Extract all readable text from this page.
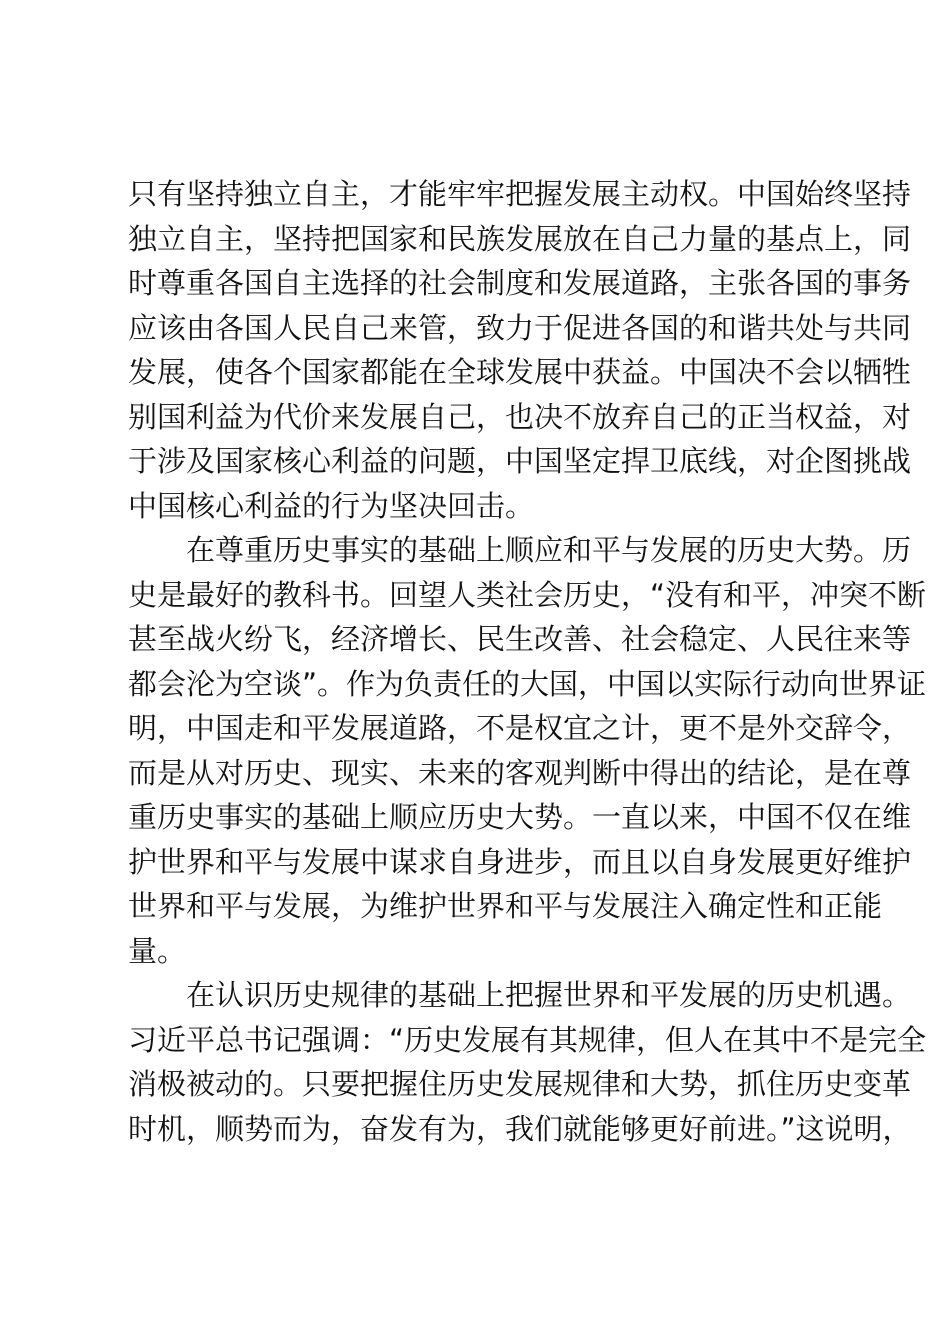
只有坚持独立自主，才能牢牢把握发展主动权。中国始终坚持
独立自主，坚持把国家和民族发展放在自己力量的基点上，同
时尊重各国自主选择的社会制度和发展道路，主张各国的事务
应该由各国人民自己来管，致力于促进各国的和谐共处与共同
发展，使各个国家都能在全球发展中获益。中国决不会以牺牲
别国利益为代价来发展自己，也决不放弃自己的正当权益，对
于涉及国家核心利益的问题，中国坚定捍卫底线，对企图挑战
中国核心利益的行为坚决回击。
　　在尊重历史事实的基础上顺应和平与发展的历史大势。历
史是最好的教科书。回望人类社会历史，“没有和平，冲突不断
甚至战火纷飞，经济增长、民生改善、社会稳定、人民往来等
都会沦为空谈”。作为负责任的大国，中国以实际行动向世界证
明，中国走和平发展道路，不是权宜之计，更不是外交辞令，
而是从对历史、现实、未来的客观判断中得出的结论，是在尊
重历史事实的基础上顺应历史大势。一直以来，中国不仅在维
护世界和平与发展中谋求自身进步，而且以自身发展更好维护
世界和平与发展，为维护世界和平与发展注入确定性和正能
量。
　　在认识历史规律的基础上把握世界和平发展的历史机遇。
习近平总书记强调：“历史发展有其规律，但人在其中不是完全
消极被动的。只要把握住历史发展规律和大势，抓住历史变革
时机，顺势而为，奋发有为，我们就能够更好前进。”这说明，
